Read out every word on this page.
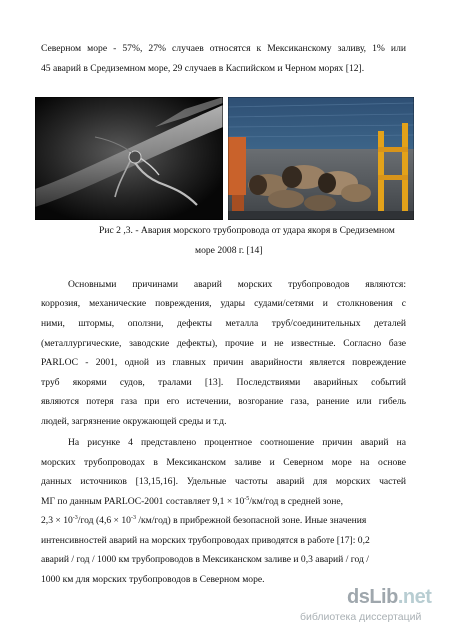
Северном море - 57%, 27% случаев относятся к Мексиканскому заливу, 1% или
45 аварий в Средиземном море, 29 случаев в Каспийском и Черном морях [12].
Рис 2 ,3. - Авария морского трубопровода от удара якоря в Средиземном
море 2008 г. [14]
Основными причинами аварий морских трубопроводов являются:
коррозия, механические повреждения, удары судами/сетями и столкновения с
ними, штормы, оползни, дефекты металла труб/соединительных деталей
(металлургические, заводские дефекты), прочие и не известные. Согласно базе
PARLOC - 2001, одной из главных причин аварийности является повреждение
труб якорями судов, тралами [13]. Последствиями аварийных событий
являются потеря газа при его истечении, возгорание газа, ранение или гибель
людей, загрязнение окружающей среды и т.д.
На рисунке 4 представлено процентное соотношение причин аварий на
морских трубопроводах в Мексиканском заливе и Северном море на основе
данных источников [13,15,16]. Удельные частоты аварий для морских частей
МГ по данным PARLOC-2001 составляет $9,1 \times 10^{-5}/км$/год в средней зоне,
$2,3 \times 10^{-3}$/год ($4,6 \times 10^{-3}$ /км/год) в прибрежной безопасной зоне. Иные значения
интенсивностей аварий на морских трубопроводах приводятся в работе [17]: 0,2
аварий / год / 1000 км трубопроводов в Мексиканском заливе и 0,3 аварий / год /
1000 км для морских трубопроводов в Северном море.
dsLib.net
библиотека диссертаций
